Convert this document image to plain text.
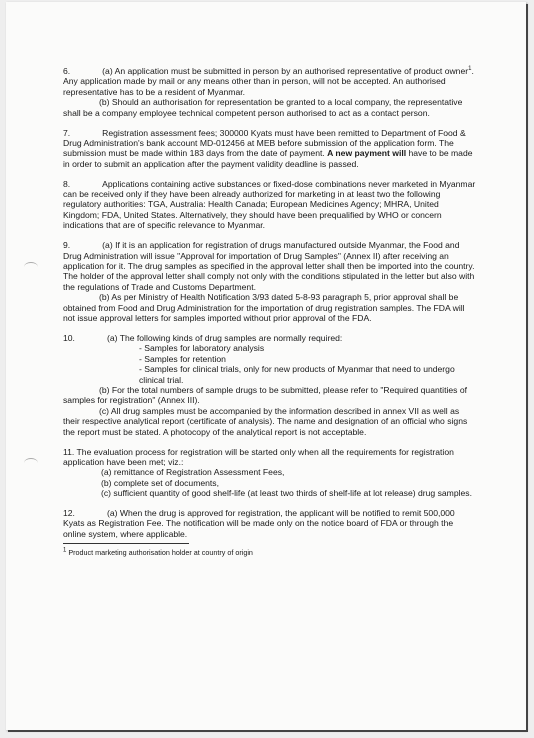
6.	(a) An application must be submitted in person by an authorised representative of product owner$^1$. Any application made by mail or any means other than in person, will not be accepted. An authorised representative has to be a resident of Myanmar.
(b) Should an authorisation for representation be granted to a local company, the representative shall be a company employee technical competent person authorised to act as a contact person.
7.	Registration assessment fees; 300000 Kyats must have been remitted to Department of Food & Drug Administration's bank account MD-012456 at MEB before submission of the application form. The submission must be made within 183 days from the date of payment. A new payment will have to be made in order to submit an application after the payment validity deadline is passed.
8.	Applications containing active substances or fixed-dose combinations never marketed in Myanmar can be received only if they have been already authorized for marketing in at least two the following regulatory authorities: TGA, Australia: Health Canada; European Medicines Agency; MHRA, United Kingdom; FDA, United States. Alternatively, they should have been prequalified by WHO or concern indications that are of specific relevance to Myanmar.
9.	(a) If it is an application for registration of drugs manufactured outside Myanmar, the Food and Drug Administration will issue "Approval for importation of Drug Samples" (Annex II) after receiving an application for it. The drug samples as specified in the approval letter shall then be imported into the country. The holder of the approval letter shall comply not only with the conditions stipulated in the letter but also with the regulations of Trade and Customs Department.
(b) As per Ministry of Health Notification 3/93 dated 5-8-93 paragraph 5, prior approval shall be obtained from Food and Drug Administration for the importation of drug registration samples. The FDA will not issue approval letters for samples imported without prior approval of the FDA.
10.	(a) The following kinds of drug samples are normally required:
- Samples for laboratory analysis
- Samples for retention
- Samples for clinical trials, only for new products of Myanmar that need to undergo clinical trial.
(b) For the total numbers of sample drugs to be submitted, please refer to "Required quantities of samples for registration" (Annex III).
(c) All drug samples must be accompanied by the information described in annex VII as well as their respective analytical report (certificate of analysis). The name and designation of an official who signs the report must be stated. A photocopy of the analytical report is not acceptable.
11. The evaluation process for registration will be started only when all the requirements for registration application have been met; viz.:
(a) remittance of Registration Assessment Fees,
(b) complete set of documents,
(c) sufficient quantity of good shelf-life (at least two thirds of shelf-life at lot release) drug samples.
12.	(a) When the drug is approved for registration, the applicant will be notified to remit 500,000 Kyats as Registration Fee. The notification will be made only on the notice board of FDA or through the online system, where applicable.
$^1$ Product marketing authorisation holder at country of origin
